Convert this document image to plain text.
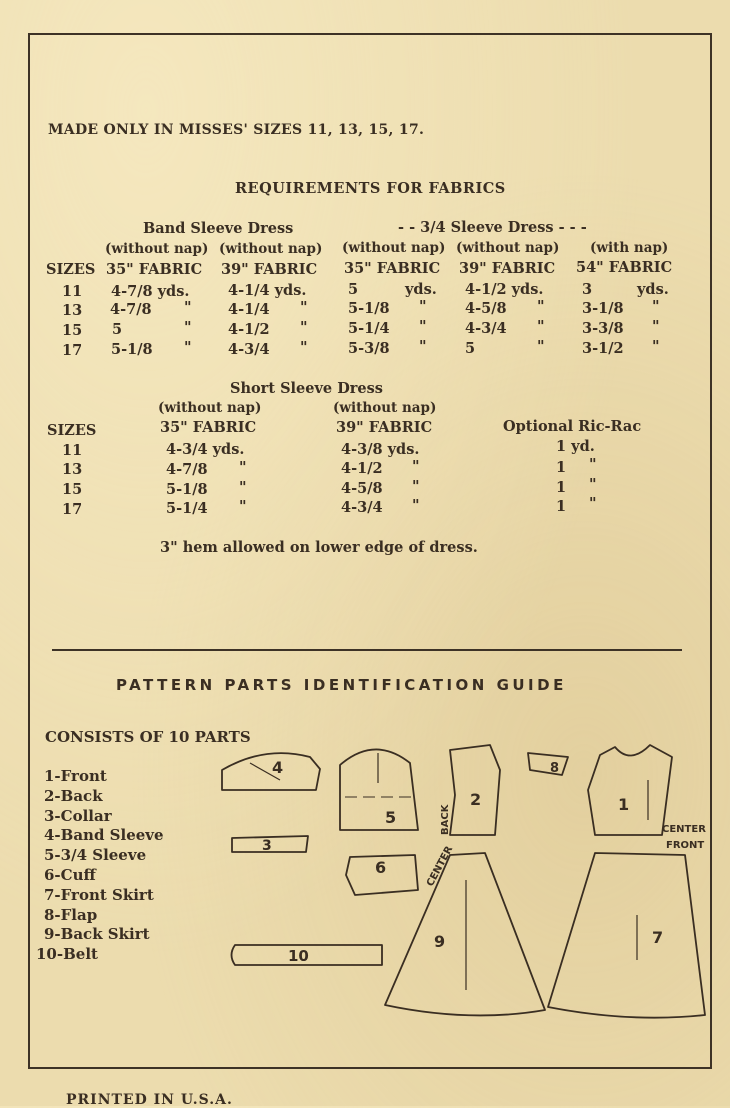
MADE ONLY IN MISSES' SIZES 11, 13, 15, 17.
REQUIREMENTS FOR FABRICS
Band Sleeve Dress	- - 3/4 Sleeve Dress - - -
(without nap) (without nap) (without nap) (without nap) (with nap)
SIZES 35" FABRIC 39" FABRIC 35" FABRIC 39" FABRIC 54" FABRIC
11 4-7/8 yds.	4-1/4 yds.	5	yds. 4-1/2 yds.	3	yds.
13 4-7/8 "	4-1/4 "	5-1/8 "	4-5/8 "	3-1/8 "
15 5	"	4-1/2 "	5-1/4 "	4-3/4 "	3-3/8 "
17 5-1/8 "	4-3/4 "	5-3/8 "	5	"	3-1/2 "
Short Sleeve Dress
(without nap)	(without nap)
SIZES	35" FABRIC	39" FABRIC	Optional Ric-Rac
11	4-3/4 yds.	4-3/8 yds.	1 yd.
13	4-7/8 "	4-1/2 "	1 "
15	5-1/8 "	4-5/8 "	1 "
17	5-1/4 "	4-3/4 "	1 "
3" hem allowed on lower edge of dress.
PATTERN PARTS IDENTIFICATION GUIDE
CONSISTS OF 10 PARTS
1-Front
2-Back
3-Collar
4-Band Sleeve
5-3/4 Sleeve
6-Cuff
7-Front Skirt
8-Flap
9-Back Skirt
10-Belt
4
5
2
BACK
8
1
CENTER
FRONT
3
6
9
CENTER
7
10
PRINTED IN U.S.A.
